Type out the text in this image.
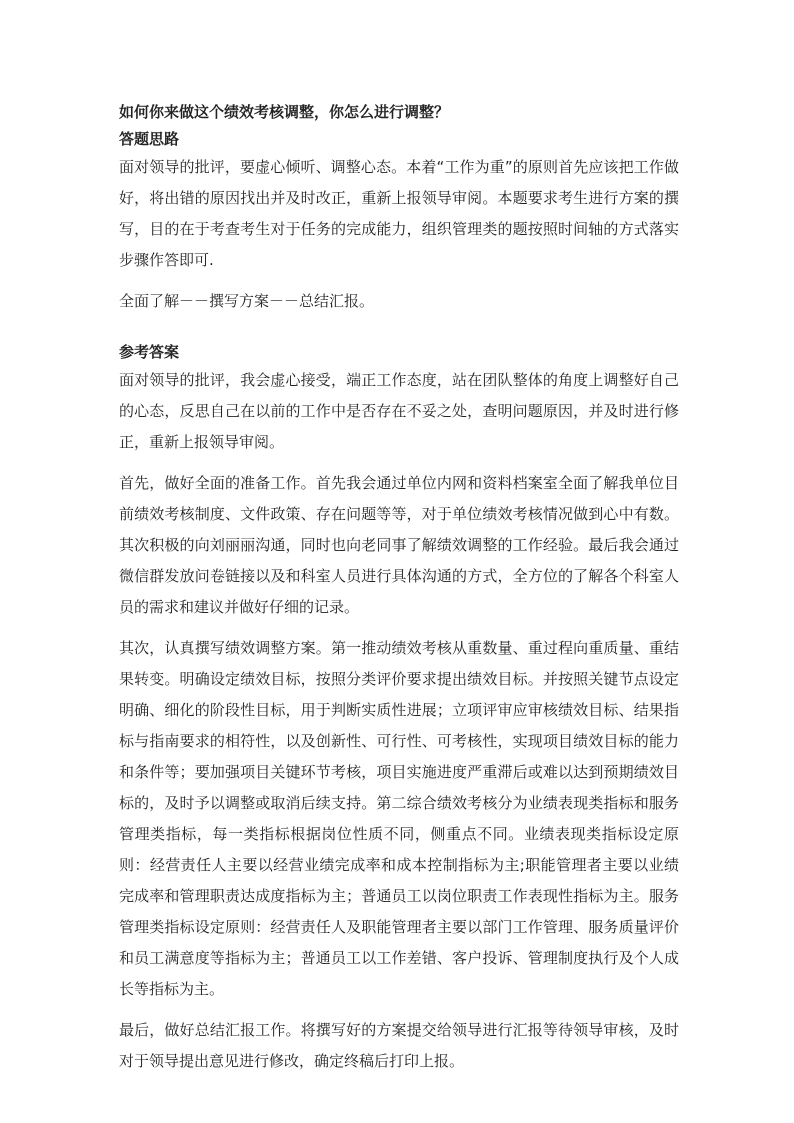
如何你来做这个绩效考核调整，你怎么进行调整？

答题思路

面对领导的批评，要虚心倾听、调整心态。本着“工作为重”的原则首先应该把工作做好，将出错的原因找出并及时改正，重新上报领导审阅。本题要求考生进行方案的撰写，目的在于考查考生对于任务的完成能力，组织管理类的题按照时间轴的方式落实步骤作答即可.

全面了解－－撰写方案－－总结汇报。

参考答案

面对领导的批评，我会虚心接受，端正工作态度，站在团队整体的角度上调整好自己的心态，反思自己在以前的工作中是否存在不妥之处，查明问题原因，并及时进行修正，重新上报领导审阅。

首先，做好全面的准备工作。首先我会通过单位内网和资料档案室全面了解我单位目前绩效考核制度、文件政策、存在问题等等，对于单位绩效考核情况做到心中有数。其次积极的向刘丽丽沟通，同时也向老同事了解绩效调整的工作经验。最后我会通过微信群发放问卷链接以及和科室人员进行具体沟通的方式，全方位的了解各个科室人员的需求和建议并做好仔细的记录。

其次，认真撰写绩效调整方案。第一推动绩效考核从重数量、重过程向重质量、重结果转变。明确设定绩效目标，按照分类评价要求提出绩效目标。并按照关键节点设定明确、细化的阶段性目标，用于判断实质性进展；立项评审应审核绩效目标、结果指标与指南要求的相符性，以及创新性、可行性、可考核性，实现项目绩效目标的能力和条件等；要加强项目关键环节考核，项目实施进度严重滞后或难以达到预期绩效目标的，及时予以调整或取消后续支持。第二综合绩效考核分为业绩表现类指标和服务管理类指标，每一类指标根据岗位性质不同，侧重点不同。业绩表现类指标设定原则：经营责任人主要以经营业绩完成率和成本控制指标为主;职能管理者主要以业绩完成率和管理职责达成度指标为主；普通员工以岗位职责工作表现性指标为主。服务管理类指标设定原则：经营责任人及职能管理者主要以部门工作管理、服务质量评价和员工满意度等指标为主；普通员工以工作差错、客户投诉、管理制度执行及个人成长等指标为主。

最后，做好总结汇报工作。将撰写好的方案提交给领导进行汇报等待领导审核，及时对于领导提出意见进行修改，确定终稿后打印上报。
